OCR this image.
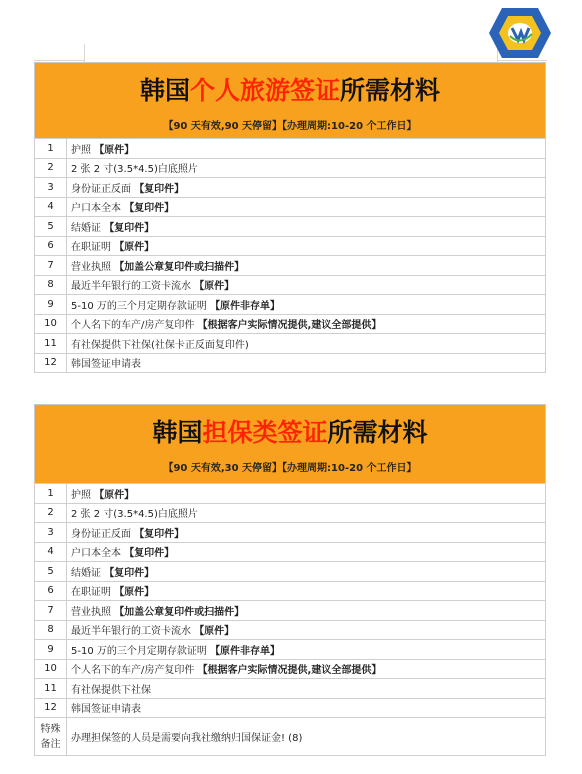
韩国个人旅游签证所需材料
【90 天有效,90 天停留】【办理周期:10-20 个工作日】
1	护照 【原件】
2	2 张 2 寸(3.5*4.5)白底照片
3	身份证正反面 【复印件】
4	户口本全本 【复印件】
5	结婚证 【复印件】
6	在职证明 【原件】
7	营业执照 【加盖公章复印件或扫描件】
8	最近半年银行的工资卡流水 【原件】
9	5-10 万的三个月定期存款证明 【原件非存单】
10	个人名下的车产/房产复印件 【根据客户实际情况提供,建议全部提供】
11	有社保提供下社保(社保卡正反面复印件)
12	韩国签证申请表
韩国担保类签证所需材料
【90 天有效,30 天停留】【办理周期:10-20 个工作日】
1	护照 【原件】
2	2 张 2 寸(3.5*4.5)白底照片
3	身份证正反面 【复印件】
4	户口本全本 【复印件】
5	结婚证 【复印件】
6	在职证明 【原件】
7	营业执照 【加盖公章复印件或扫描件】
8	最近半年银行的工资卡流水 【原件】
9	5-10 万的三个月定期存款证明 【原件非存单】
10	个人名下的车产/房产复印件 【根据客户实际情况提供,建议全部提供】
11	有社保提供下社保
12	韩国签证申请表

特殊
备注	办理担保签的人员是需要向我社缴纳归国保证金! (8)
